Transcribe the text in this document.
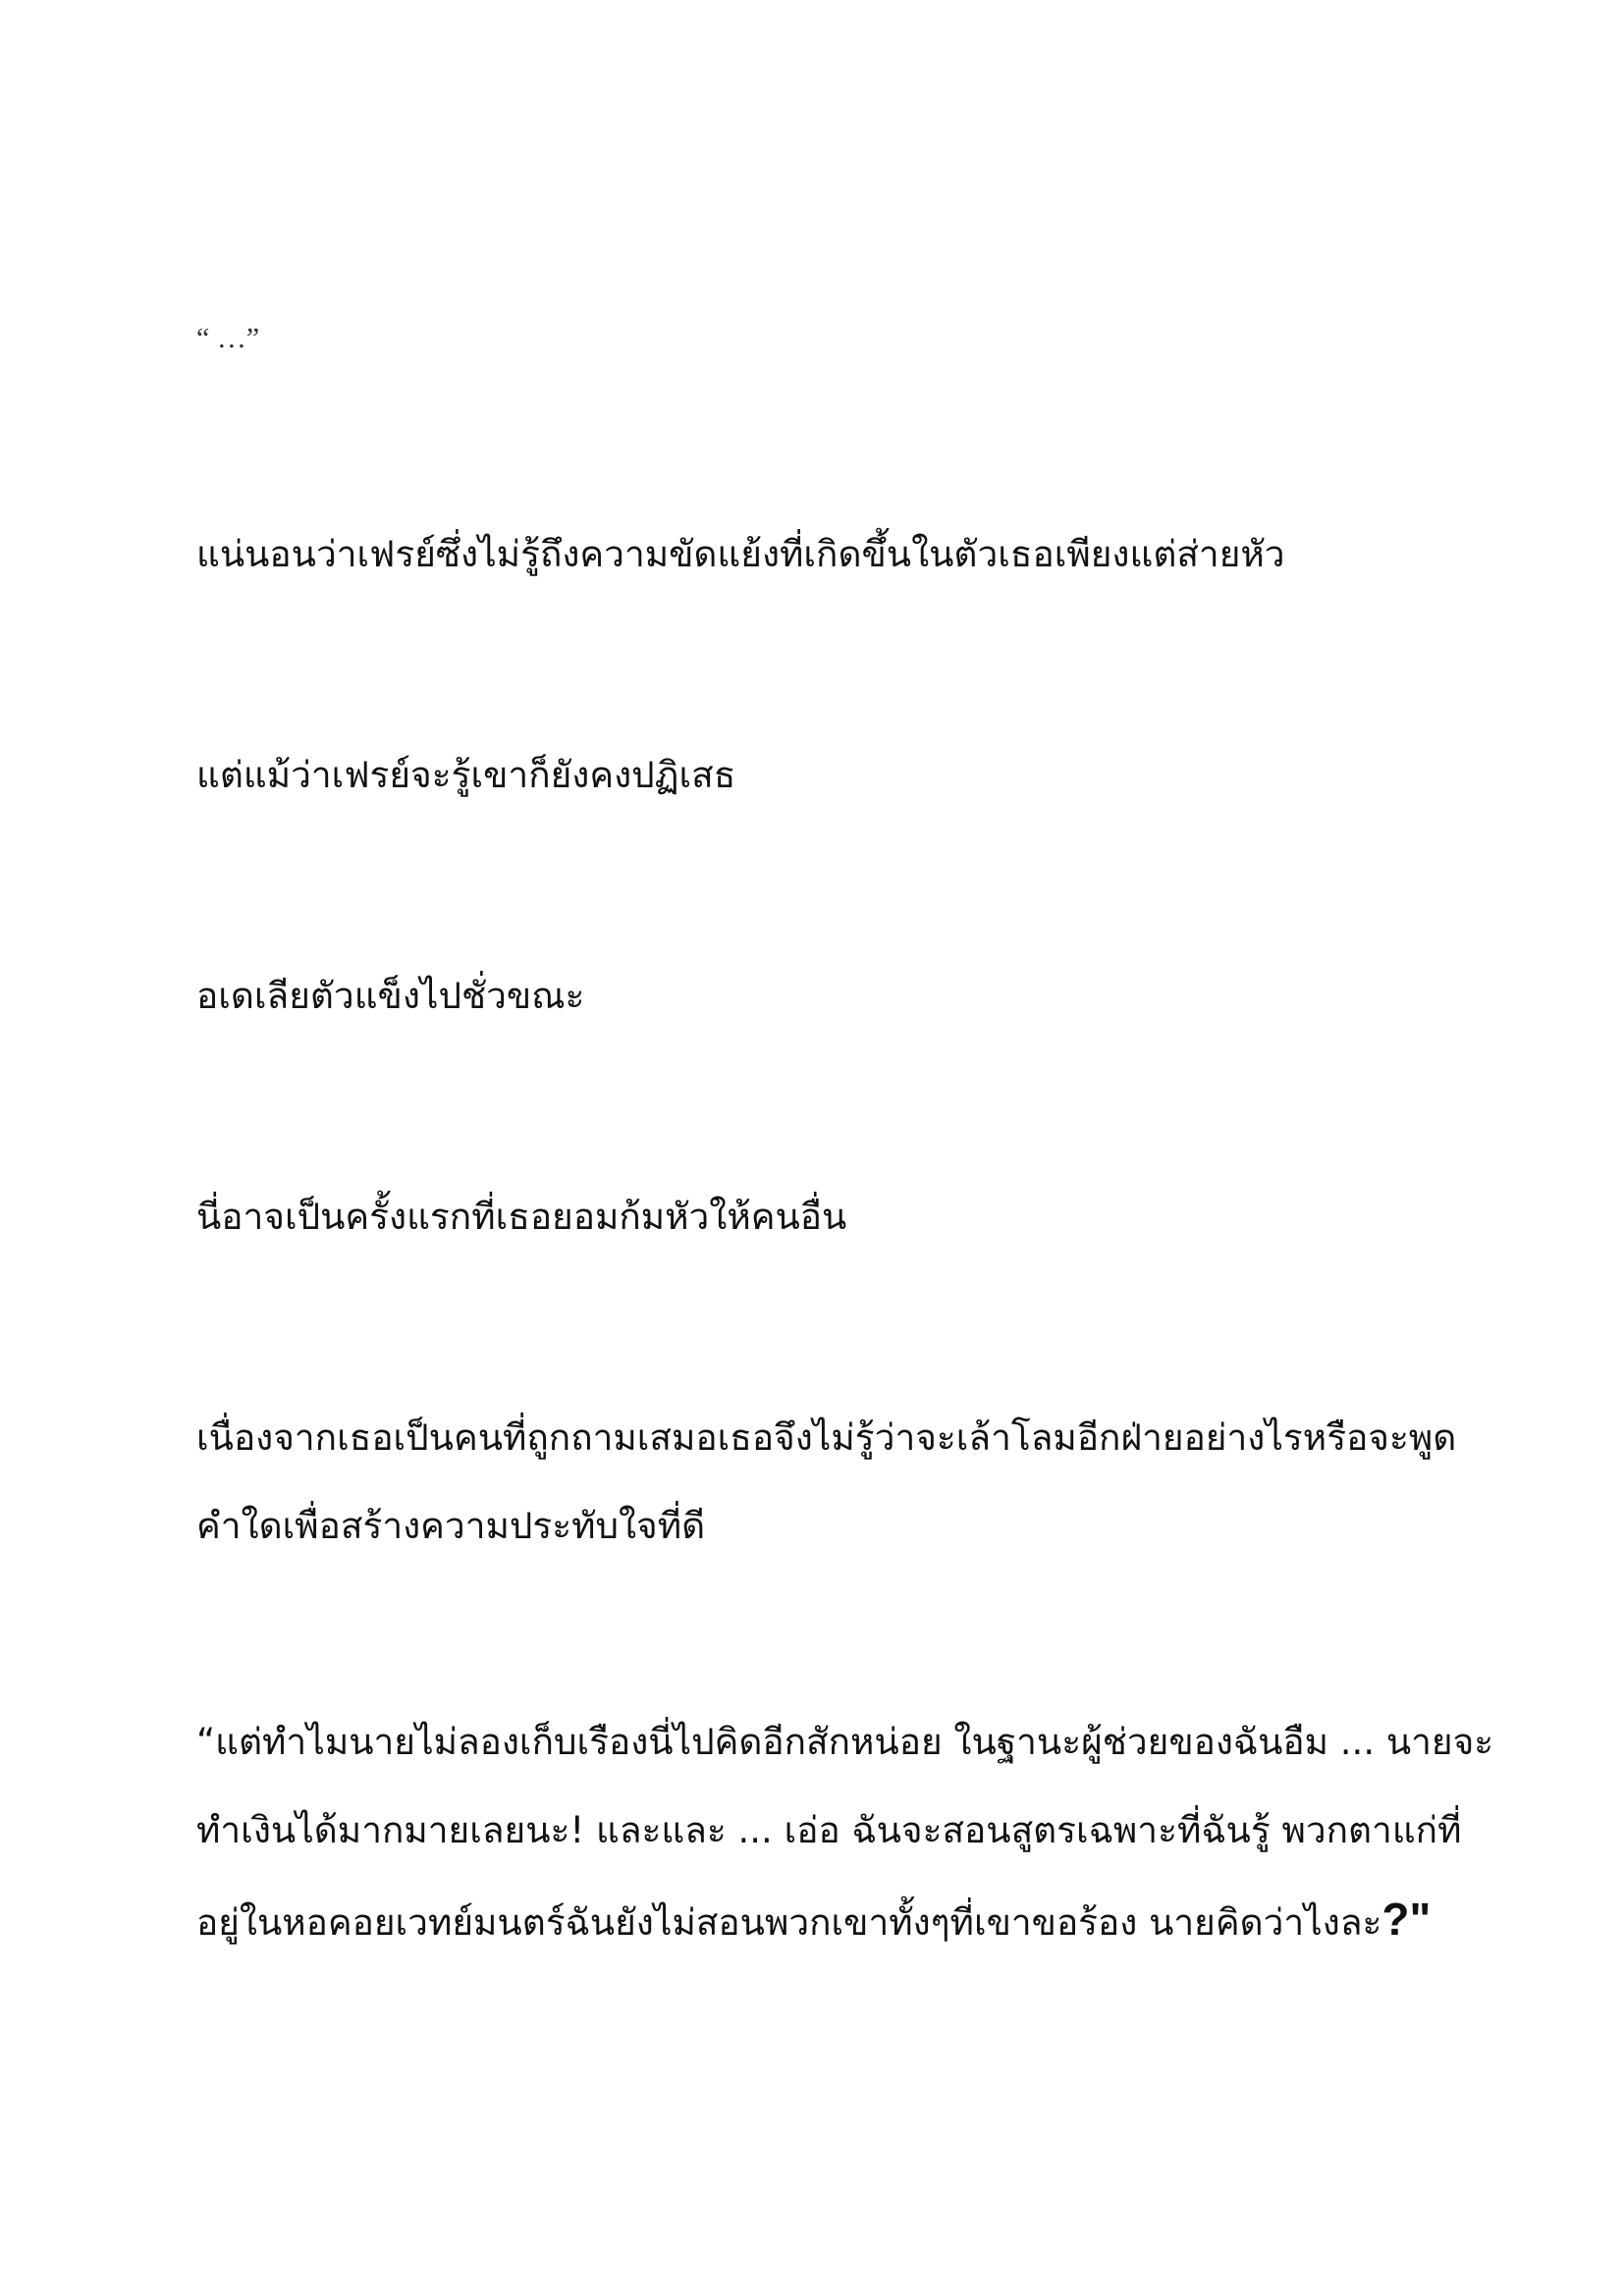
“ …”

แน่นอนว่าเฟรย์ซึ่งไม่รู้ถึงความขัดแย้งที่เกิดขึ้นในตัวเธอเพียงแต่ส่ายหัว

แต่แม้ว่าเฟรย์จะรู้เขาก็ยังคงปฏิเสธ

อเดเลียตัวแข็งไปชั่วขณะ

นี่อาจเป็นครั้งแรกที่เธอยอมก้มหัวให้คนอื่น

เนื่องจากเธอเป็นคนที่ถูกถามเสมอเธอจึงไม่รู้ว่าจะเล้าโลมอีกฝ่ายอย่างไรหรือจะพูด
คำใดเพื่อสร้างความประทับใจที่ดี

“แต่ทำไมนายไม่ลองเก็บเรืองนี่ไปคิดอีกสักหน่อย ในฐานะผู้ช่วยของฉันอืม ... นายจะ
ทำเงินได้มากมายเลยนะ! และและ ... เอ่อ ฉันจะสอนสูตรเฉพาะที่ฉันรู้ พวกตาแก่ที่
อยู่ในหอคอยเวทย์มนตร์ฉันยังไม่สอนพวกเขาทั้งๆที่เขาขอร้อง นายคิดว่าไงละ?"
